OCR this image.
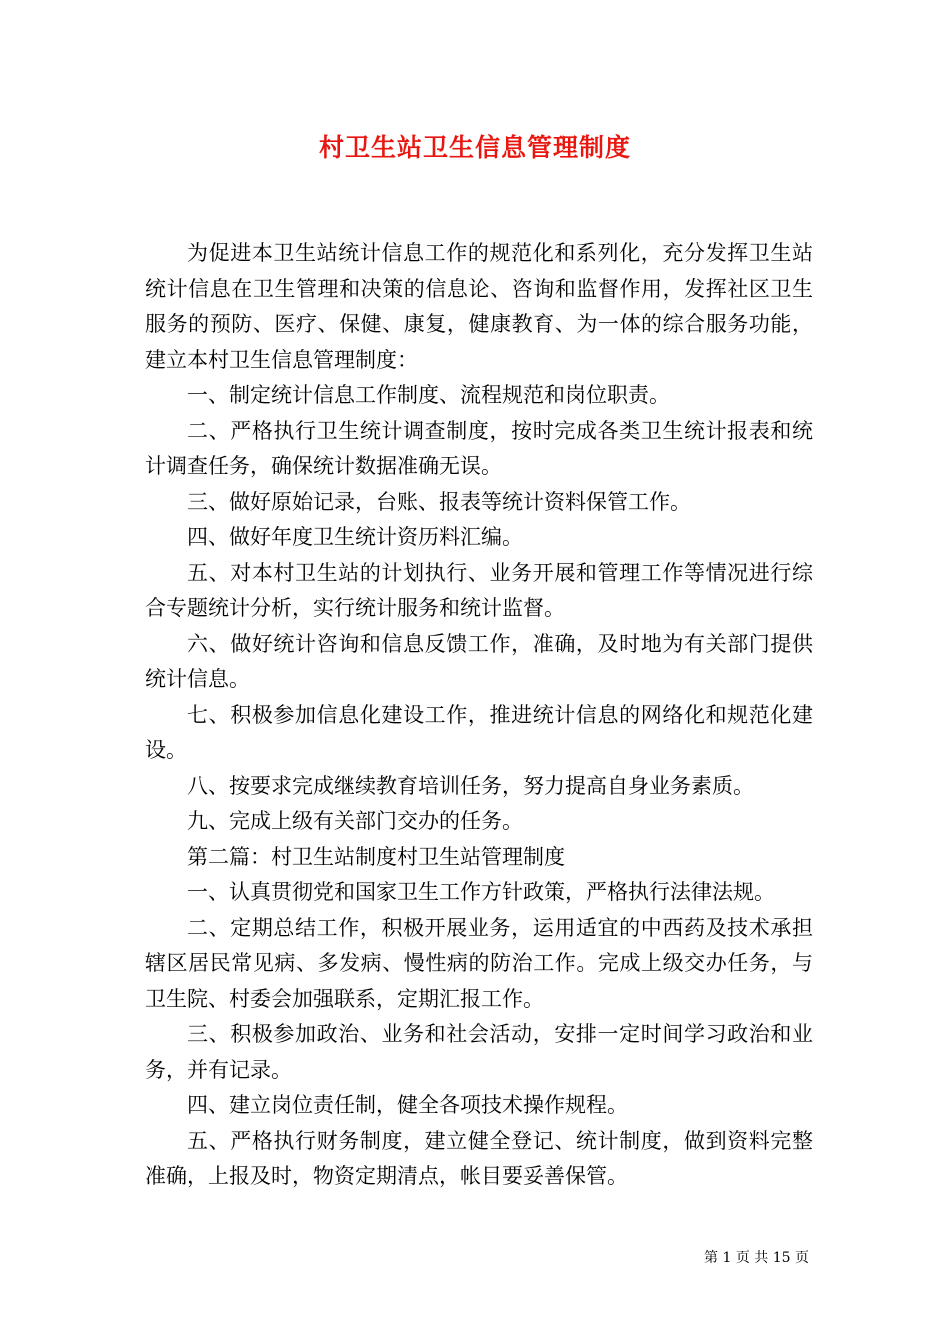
村卫生站卫生信息管理制度

为促进本卫生站统计信息工作的规范化和系列化，充分发挥卫生站统计信息在卫生管理和决策的信息论、咨询和监督作用，发挥社区卫生服务的预防、医疗、保健、康复，健康教育、为一体的综合服务功能，建立本村卫生信息管理制度：

一、制定统计信息工作制度、流程规范和岗位职责。

二、严格执行卫生统计调查制度，按时完成各类卫生统计报表和统计调查任务，确保统计数据准确无误。

三、做好原始记录，台账、报表等统计资料保管工作。

四、做好年度卫生统计资历料汇编。

五、对本村卫生站的计划执行、业务开展和管理工作等情况进行综合专题统计分析，实行统计服务和统计监督。

六、做好统计咨询和信息反馈工作，准确，及时地为有关部门提供统计信息。

七、积极参加信息化建设工作，推进统计信息的网络化和规范化建设。

八、按要求完成继续教育培训任务，努力提高自身业务素质。

九、完成上级有关部门交办的任务。

第二篇：村卫生站制度村卫生站管理制度

一、认真贯彻党和国家卫生工作方针政策，严格执行法律法规。

二、定期总结工作，积极开展业务，运用适宜的中西药及技术承担辖区居民常见病、多发病、慢性病的防治工作。完成上级交办任务，与卫生院、村委会加强联系，定期汇报工作。

三、积极参加政治、业务和社会活动，安排一定时间学习政治和业务，并有记录。

四、建立岗位责任制，健全各项技术操作规程。

五、严格执行财务制度，建立健全登记、统计制度，做到资料完整准确，上报及时，物资定期清点，帐目要妥善保管。

第 1 页 共 15 页
